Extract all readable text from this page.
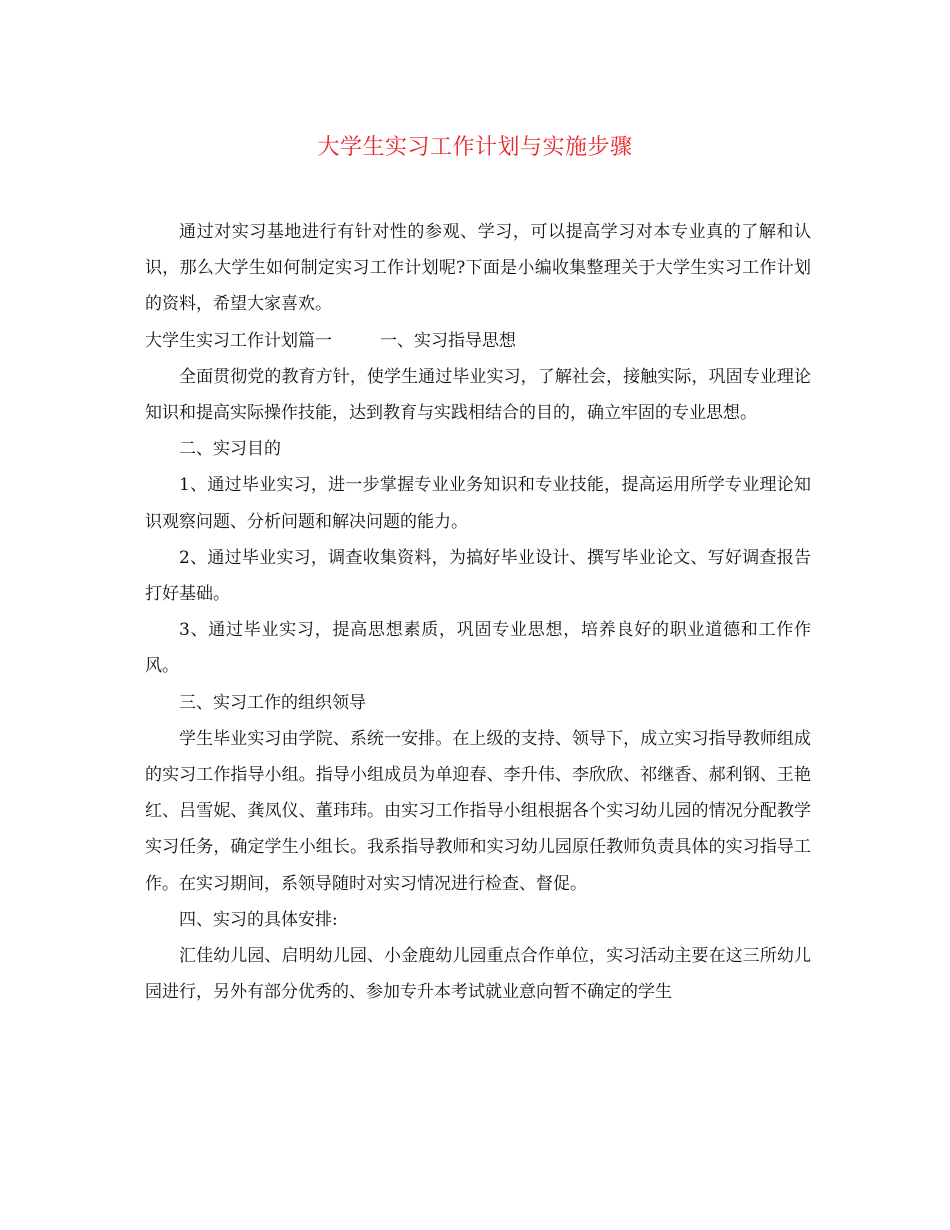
大学生实习工作计划与实施步骤

通过对实习基地进行有针对性的参观、学习，可以提高学习对本专业真的了解和认识，那么大学生如何制定实习工作计划呢?下面是小编收集整理关于大学生实习工作计划的资料，希望大家喜欢。

大学生实习工作计划篇一	一、实习指导思想

全面贯彻党的教育方针，使学生通过毕业实习，了解社会，接触实际，巩固专业理论知识和提高实际操作技能，达到教育与实践相结合的目的，确立牢固的专业思想。

二、实习目的

1、通过毕业实习，进一步掌握专业业务知识和专业技能，提高运用所学专业理论知识观察问题、分析问题和解决问题的能力。

2、通过毕业实习，调查收集资料，为搞好毕业设计、撰写毕业论文、写好调查报告打好基础。

3、通过毕业实习，提高思想素质，巩固专业思想，培养良好的职业道德和工作作风。

三、实习工作的组织领导

学生毕业实习由学院、系统一安排。在上级的支持、领导下，成立实习指导教师组成的实习工作指导小组。指导小组成员为单迎春、李升伟、李欣欣、祁继香、郝利钢、王艳红、吕雪妮、龚凤仪、董玮玮。由实习工作指导小组根据各个实习幼儿园的情况分配教学实习任务，确定学生小组长。我系指导教师和实习幼儿园原任教师负责具体的实习指导工作。在实习期间，系领导随时对实习情况进行检查、督促。

四、实习的具体安排:

汇佳幼儿园、启明幼儿园、小金鹿幼儿园重点合作单位，实习活动主要在这三所幼儿园进行，另外有部分优秀的、参加专升本考试就业意向暂不确定的学生
